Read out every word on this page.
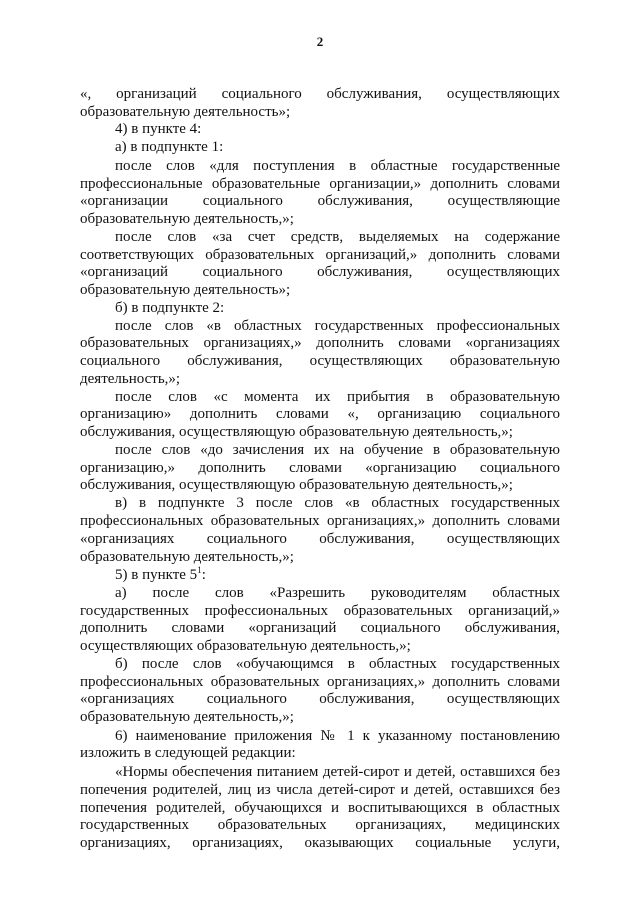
2
«, организаций социального обслуживания, осуществляющих
образовательную деятельность»;
4) в пункте 4:
а) в подпункте 1:
после слов «для поступления в областные государственные
профессиональные образовательные организации,» дополнить словами
«организации социального обслуживания, осуществляющие
образовательную деятельность,»;
после слов «за счет средств, выделяемых на содержание
соответствующих образовательных организаций,» дополнить словами
«организаций социального обслуживания, осуществляющих
образовательную деятельность»;
б) в подпункте 2:
после слов «в областных государственных профессиональных
образовательных организациях,» дополнить словами «организациях
социального обслуживания, осуществляющих образовательную
деятельность,»;
после слов «с момента их прибытия в образовательную
организацию» дополнить словами «, организацию социального
обслуживания, осуществляющую образовательную деятельность,»;
после слов «до зачисления их на обучение в образовательную
организацию,» дополнить словами «организацию социального
обслуживания, осуществляющую образовательную деятельность,»;
в) в подпункте 3 после слов «в областных государственных
профессиональных образовательных организациях,» дополнить словами
«организациях социального обслуживания, осуществляющих
образовательную деятельность,»;
5) в пункте $5^1$:
а) после слов «Разрешить руководителям областных
государственных профессиональных образовательных организаций,»
дополнить словами «организаций социального обслуживания,
осуществляющих образовательную деятельность,»;
б) после слов «обучающимся в областных государственных
профессиональных образовательных организациях,» дополнить словами
«организациях социального обслуживания, осуществляющих
образовательную деятельность,»;
6) наименование приложения № 1 к указанному постановлению
изложить в следующей редакции:
«Нормы обеспечения питанием детей-сирот и детей, оставшихся без
попечения родителей, лиц из числа детей-сирот и детей, оставшихся без
попечения родителей, обучающихся и воспитывающихся в областных
государственных образовательных организациях, медицинских
организациях, организациях, оказывающих социальные услуги,
